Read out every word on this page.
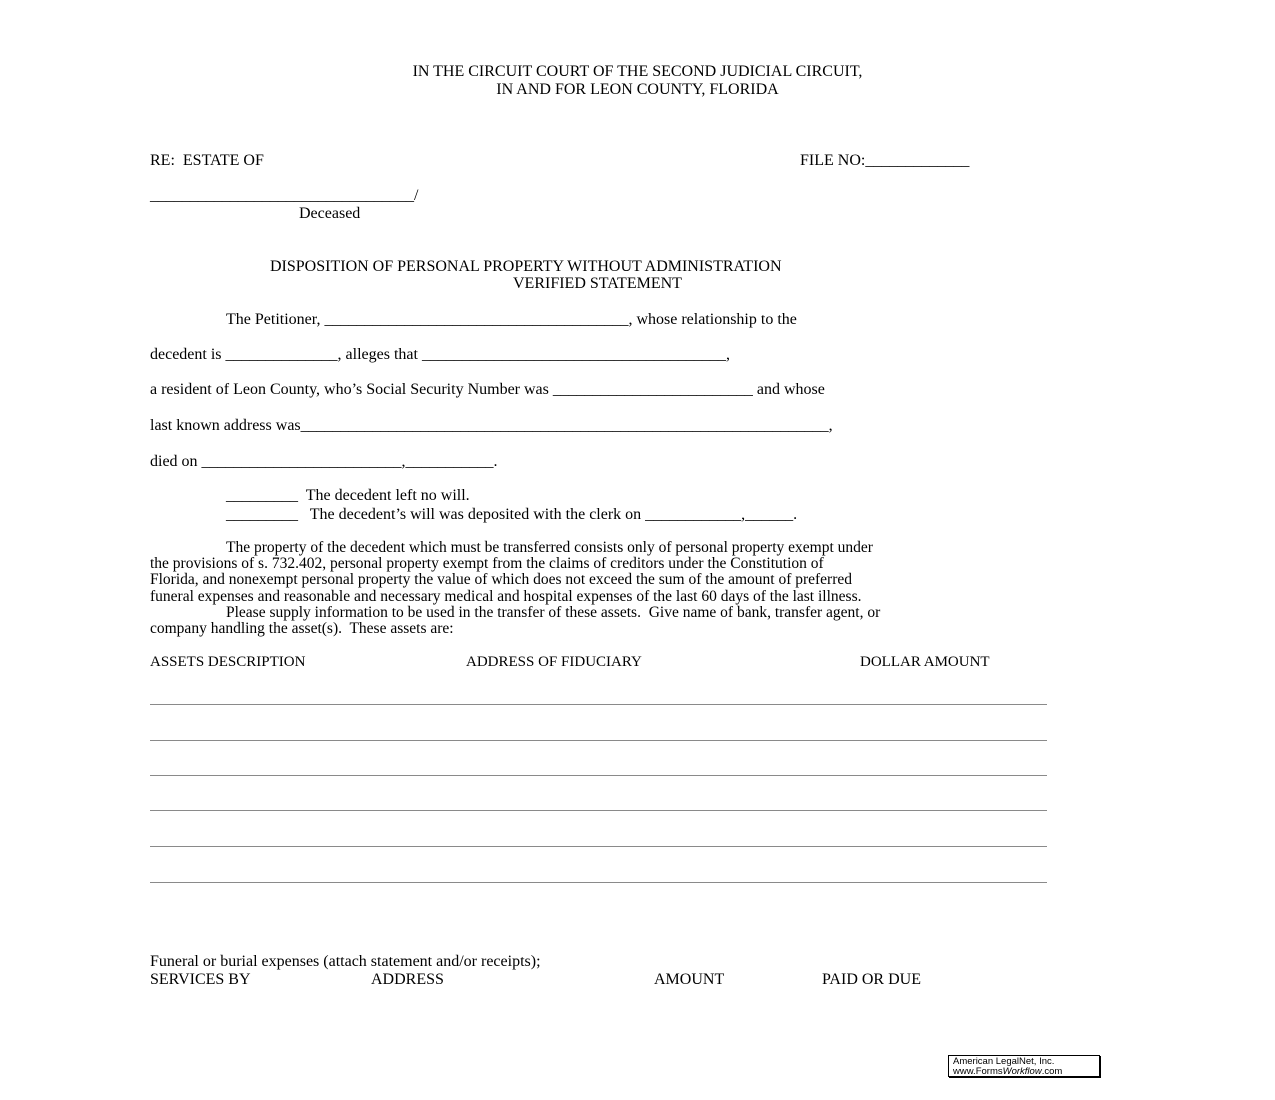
IN THE CIRCUIT COURT OF THE SECOND JUDICIAL CIRCUIT,
IN AND FOR LEON COUNTY, FLORIDA
RE:  ESTATE OF	FILE NO:_____________
_________________________________/
Deceased
DISPOSITION OF PERSONAL PROPERTY WITHOUT ADMINISTRATION
VERIFIED STATEMENT
The Petitioner, ______________________________________, whose relationship to the
decedent is ______________, alleges that ______________________________________,
a resident of Leon County, who’s Social Security Number was _________________________ and whose
last known address was__________________________________________________________________,
died on _________________________,___________.
_________  The decedent left no will.
_________   The decedent’s will was deposited with the clerk on ____________,______.
The property of the decedent which must be transferred consists only of personal property exempt under
the provisions of s. 732.402, personal property exempt from the claims of creditors under the Constitution of
Florida, and nonexempt personal property the value of which does not exceed the sum of the amount of preferred
funeral expenses and reasonable and necessary medical and hospital expenses of the last 60 days of the last illness.
Please supply information to be used in the transfer of these assets.  Give name of bank, transfer agent, or
company handling the asset(s).  These assets are:
ASSETS DESCRIPTION	ADDRESS OF FIDUCIARY	DOLLAR AMOUNT
Funeral or burial expenses (attach statement and/or receipts);
SERVICES BY	ADDRESS	AMOUNT	PAID OR DUE
American LegalNet, Inc.
www.FormsWorkflow.com
